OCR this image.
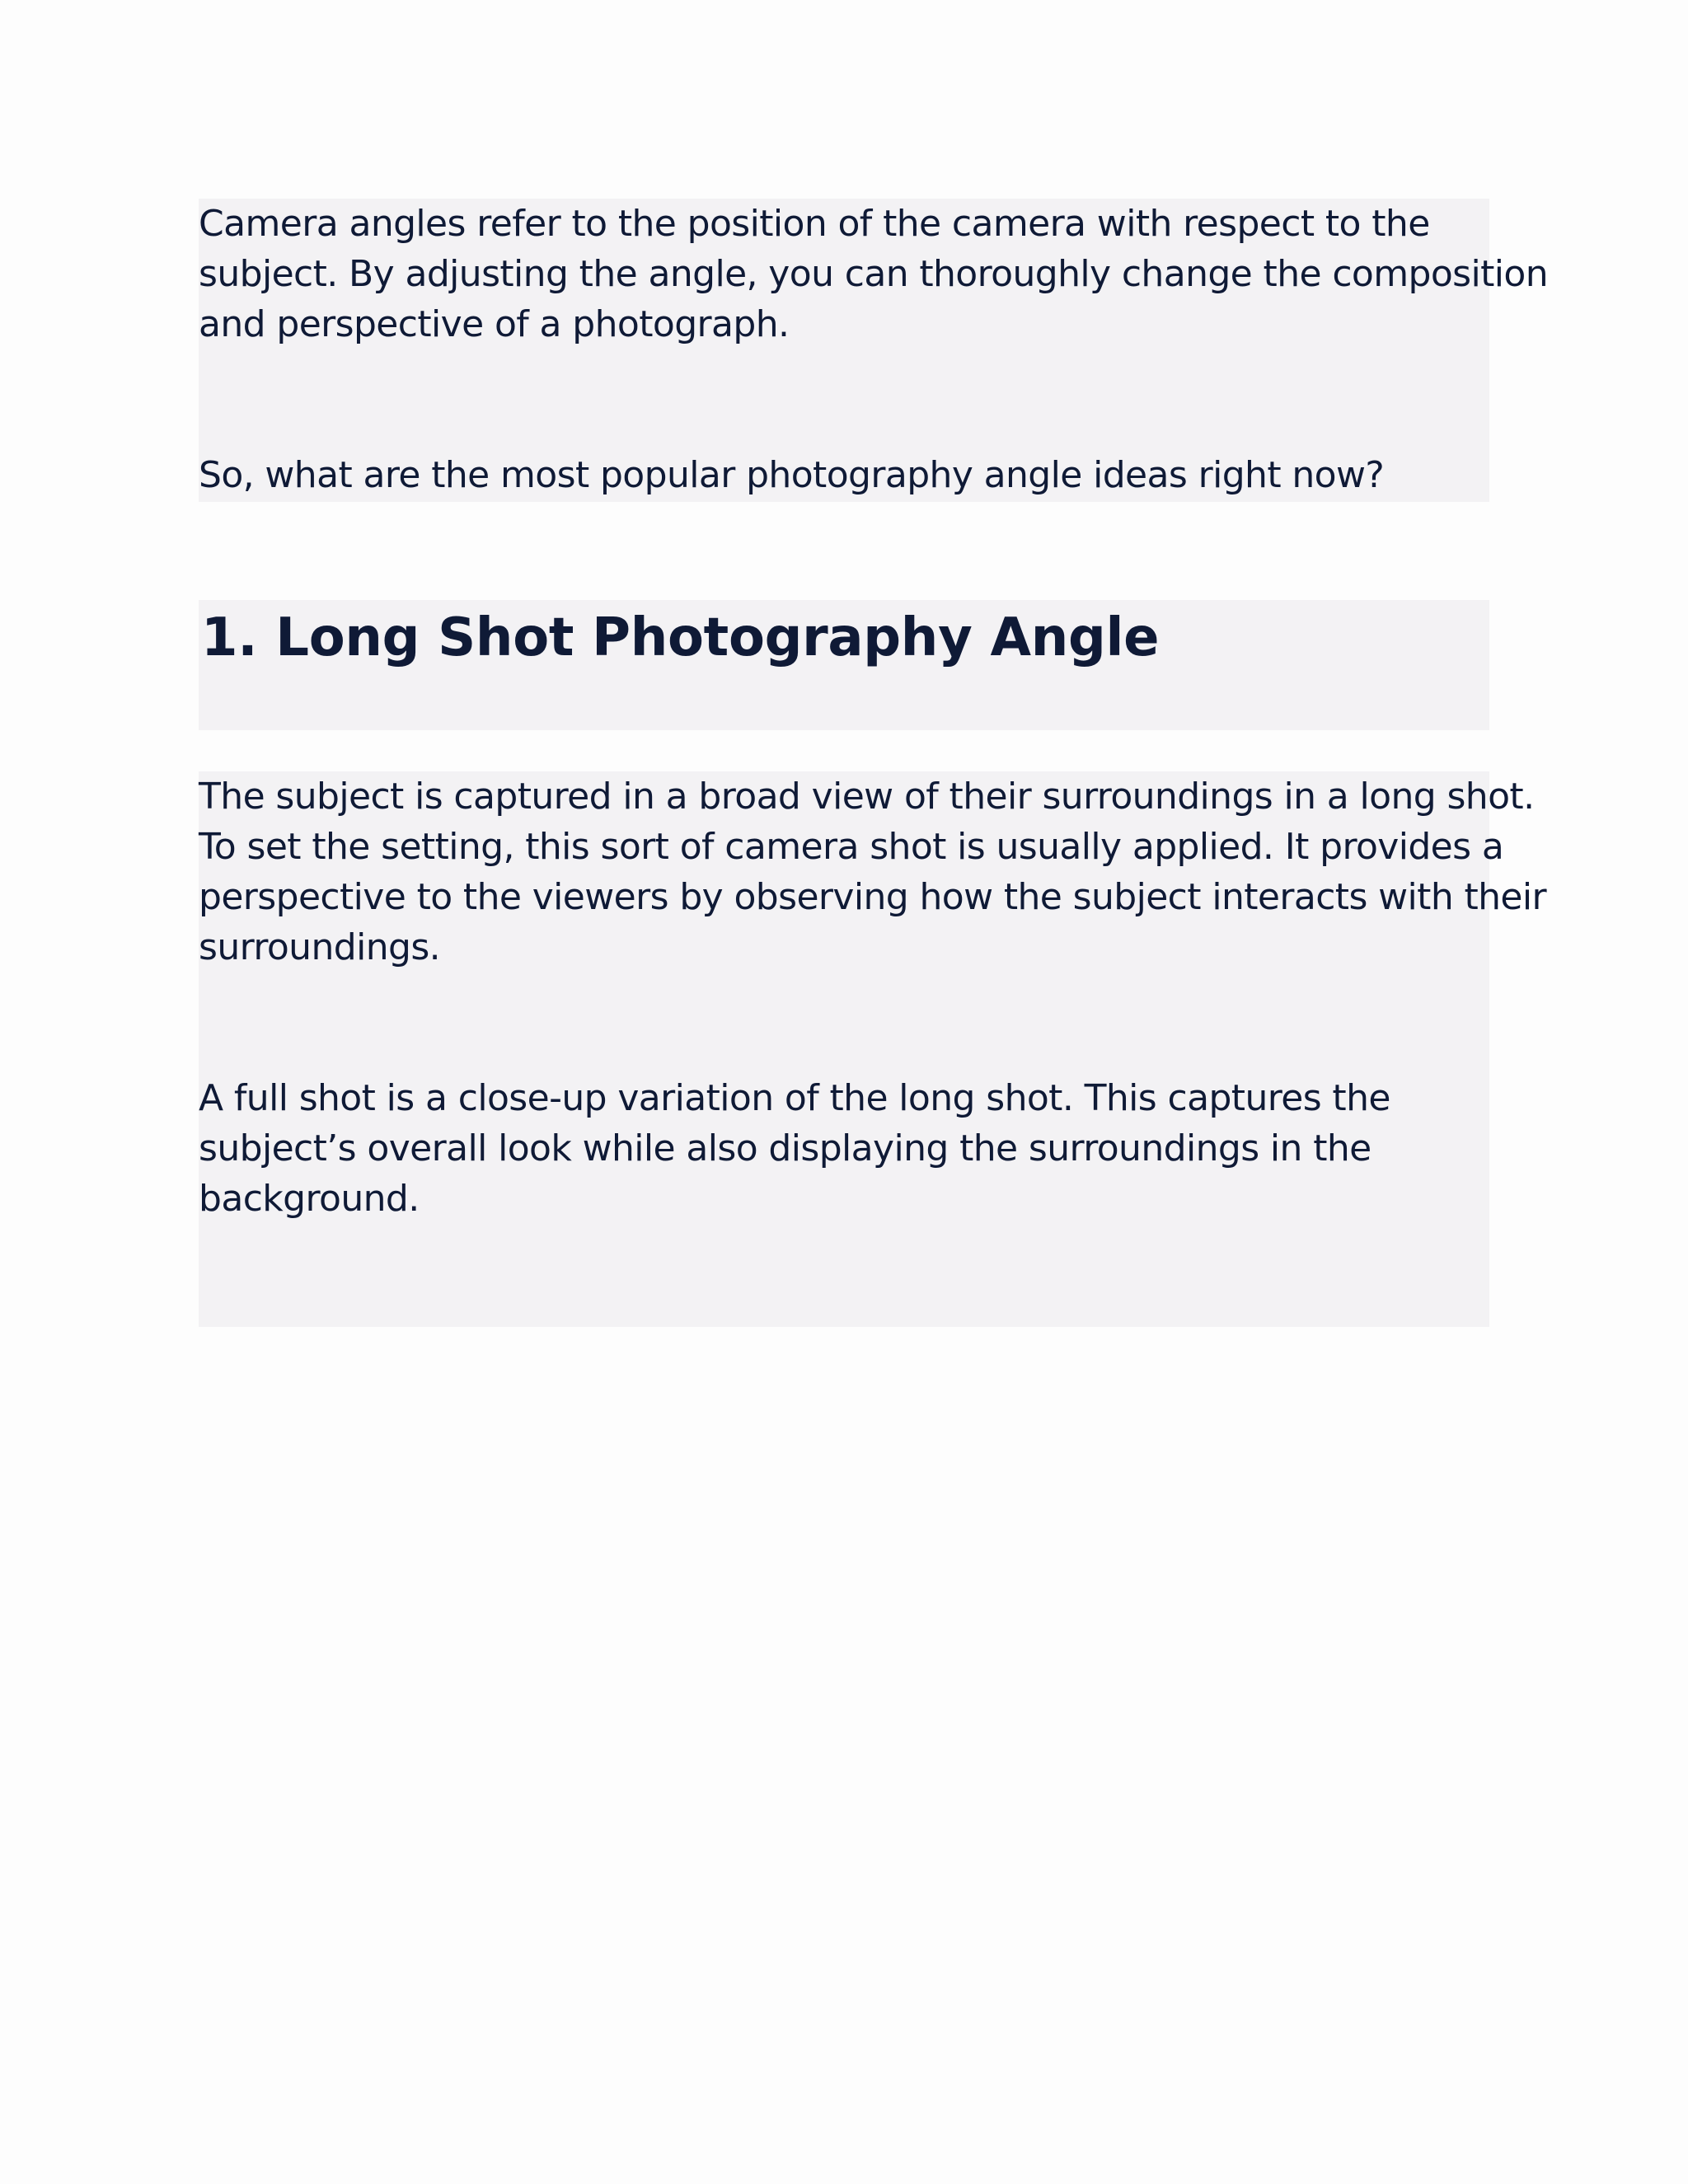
Camera angles refer to the position of the camera with respect to the

subject. By adjusting the angle, you can thoroughly change the composition

and perspective of a photograph.

So, what are the most popular photography angle ideas right now?

1. Long Shot Photography Angle

The subject is captured in a broad view of their surroundings in a long shot.

To set the setting, this sort of camera shot is usually applied. It provides a

perspective to the viewers by observing how the subject interacts with their

surroundings.

A full shot is a close-up variation of the long shot. This captures the

subject’s overall look while also displaying the surroundings in the

background.
